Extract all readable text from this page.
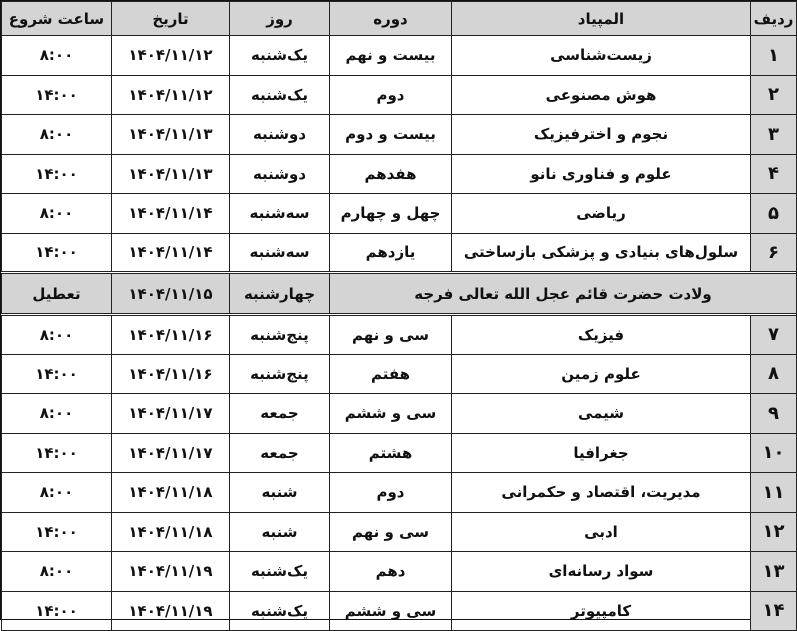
ردیف	المپیاد	دوره	روز	تاریخ	ساعت شروع
۱	زیست‌شناسی	بیست و نهم	یک‌شنبه	۱۴۰۴/۱۱/۱۲	۸:۰۰
۲	هوش مصنوعی	دوم	یک‌شنبه	۱۴۰۴/۱۱/۱۲	۱۴:۰۰
۳	نجوم و اخترفیزیک	بیست و دوم	دوشنبه	۱۴۰۴/۱۱/۱۳	۸:۰۰
۴	علوم و فناوری نانو	هفدهم	دوشنبه	۱۴۰۴/۱۱/۱۳	۱۴:۰۰
۵	ریاضی	چهل و چهارم	سه‌شنبه	۱۴۰۴/۱۱/۱۴	۸:۰۰
۶	سلول‌های بنیادی و پزشکی بازساختی	یازدهم	سه‌شنبه	۱۴۰۴/۱۱/۱۴	۱۴:۰۰
ولادت حضرت قائم عجل الله تعالی فرجه			چهارشنبه	۱۴۰۴/۱۱/۱۵	تعطیل
۷	فیزیک	سی و نهم	پنج‌شنبه	۱۴۰۴/۱۱/۱۶	۸:۰۰
۸	علوم زمین	هفتم	پنج‌شنبه	۱۴۰۴/۱۱/۱۶	۱۴:۰۰
۹	شیمی	سی و ششم	جمعه	۱۴۰۴/۱۱/۱۷	۸:۰۰
۱۰	جغرافیا	هشتم	جمعه	۱۴۰۴/۱۱/۱۷	۱۴:۰۰
۱۱	مدیریت، اقتصاد و حکمرانی	دوم	شنبه	۱۴۰۴/۱۱/۱۸	۸:۰۰
۱۲	ادبی	سی و نهم	شنبه	۱۴۰۴/۱۱/۱۸	۱۴:۰۰
۱۳	سواد رسانه‌ای	دهم	یک‌شنبه	۱۴۰۴/۱۱/۱۹	۸:۰۰
۱۴	کامپیوتر	سی و ششم	یک‌شنبه	۱۴۰۴/۱۱/۱۹	۱۴:۰۰
